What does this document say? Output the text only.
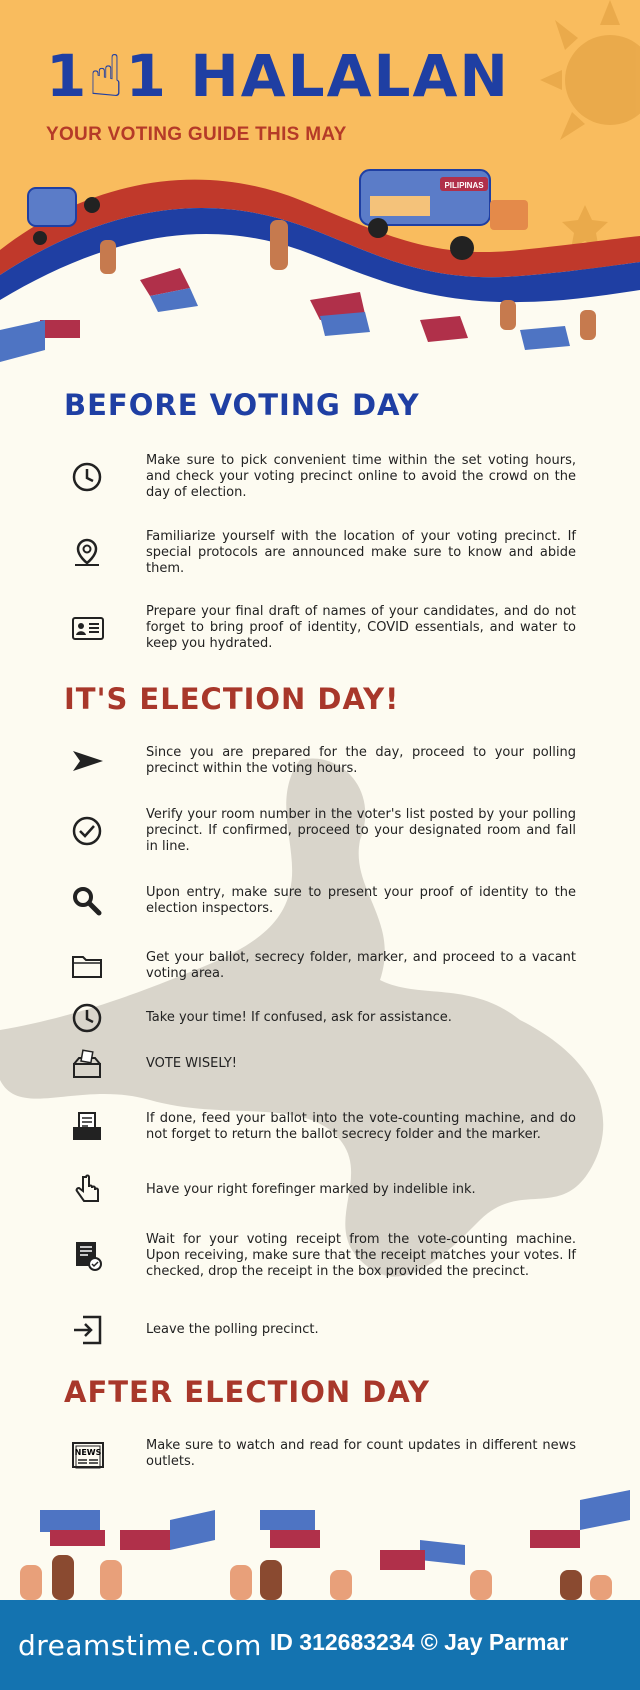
PILIPINAS
1☝1 HALALAN
YOUR VOTING GUIDE THIS MAY
BEFORE VOTING DAY
IT'S ELECTION DAY!
AFTER ELECTION DAY
Make sure to pick convenient time within the set voting hours, and check your voting precinct online to avoid the crowd on the day of election.
Familiarize yourself with the location of your voting precinct. If special protocols are announced make sure to know and abide them.
Prepare your final draft of names of your candidates, and do not forget to bring proof of identity, COVID essentials, and water to keep you hydrated.
Since you are prepared for the day, proceed to your polling precinct within the voting hours.
Verify your room number in the voter's list posted by your polling precinct. If confirmed, proceed to your designated room and fall in line.
Upon entry, make sure to present your proof of identity to the election inspectors.
Get your ballot, secrecy folder, marker, and proceed to a vacant voting area.
Take your time! If confused, ask for assistance.
VOTE WISELY!
If done, feed your ballot into the vote-counting machine, and do not forget to return the ballot secrecy folder and the marker.
Have your right forefinger marked by indelible ink.
Wait for your voting receipt from the vote-counting machine. Upon receiving, make sure that the receipt matches your votes. If checked, drop the receipt in the box provided the precinct.
Leave the polling precinct.
NEWS	Make sure to watch and read for count updates in different news outlets.
dreamstime.com ID 312683234 © Jay Parmar
